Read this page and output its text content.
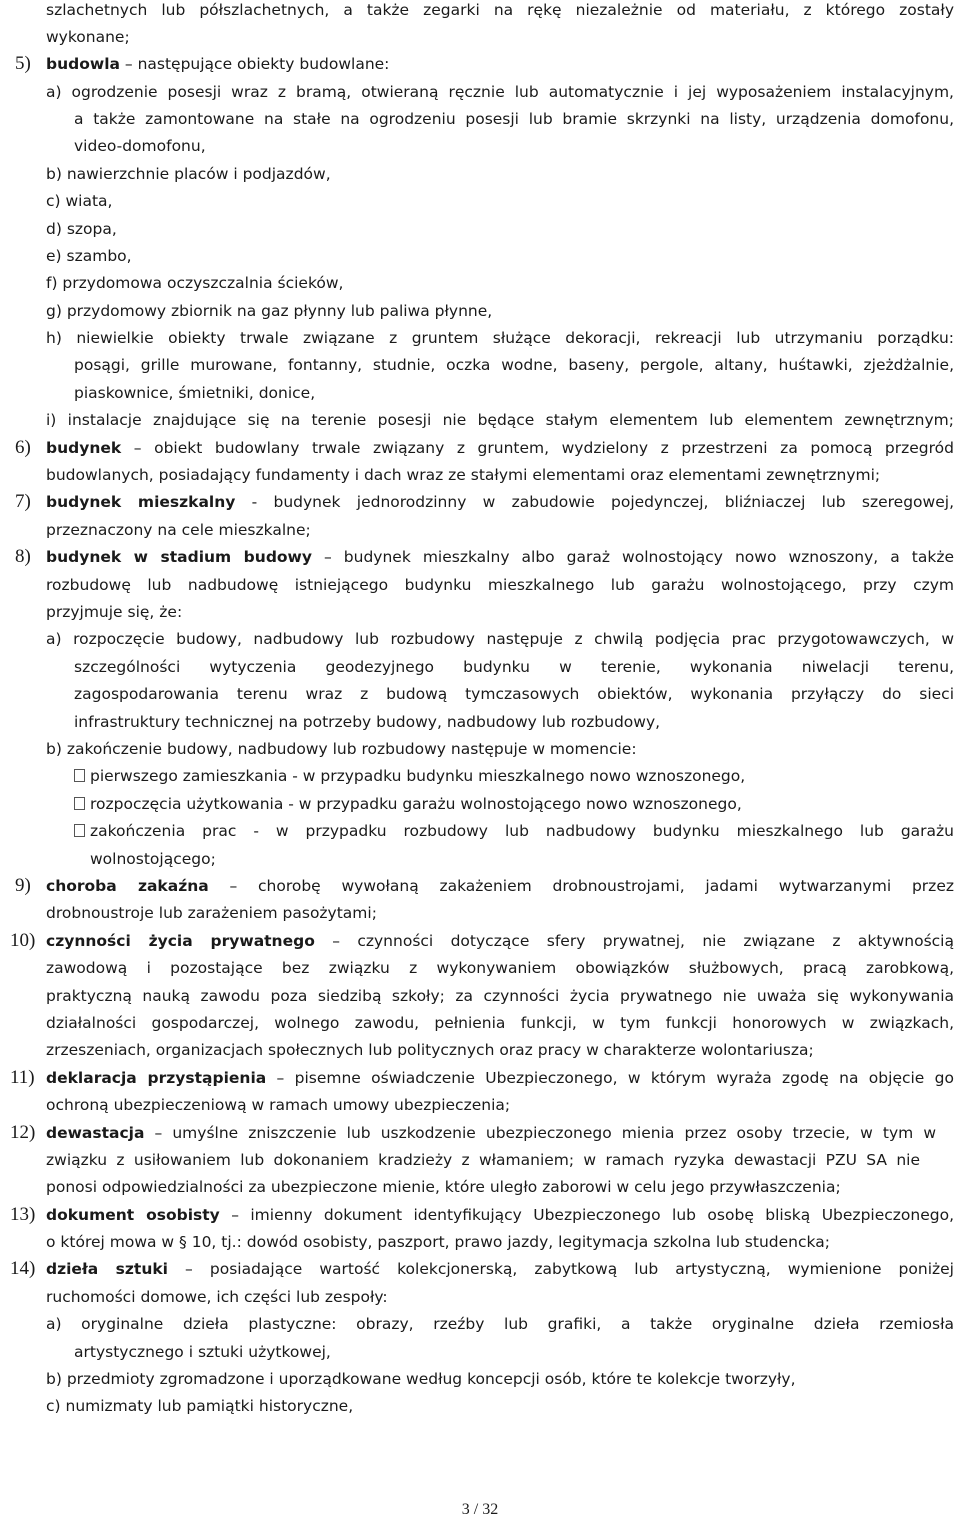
szlachetnych lub półszlachetnych, a także zegarki na rękę niezależnie od materiału, z którego zostały
wykonane;
5) budowla – następujące obiekty budowlane:
a) ogrodzenie posesji wraz z bramą, otwieraną ręcznie lub automatycznie i jej wyposażeniem instalacyjnym,
a także zamontowane na stałe na ogrodzeniu posesji lub bramie skrzynki na listy, urządzenia domofonu,
video-domofonu,
b) nawierzchnie placów i podjazdów,
c) wiata,
d) szopa,
e) szambo,
f) przydomowa oczyszczalnia ścieków,
g) przydomowy zbiornik na gaz płynny lub paliwa płynne,
h) niewielkie obiekty trwale związane z gruntem służące dekoracji, rekreacji lub utrzymaniu porządku:
posągi, grille murowane, fontanny, studnie, oczka wodne, baseny, pergole, altany, huśtawki, zjeżdżalnie,
piaskownice, śmietniki, donice,
i) instalacje znajdujące się na terenie posesji nie będące stałym elementem lub elementem zewnętrznym;
6) budynek – obiekt budowlany trwale związany z gruntem, wydzielony z przestrzeni za pomocą przegród
budowlanych, posiadający fundamenty i dach wraz ze stałymi elementami oraz elementami zewnętrznymi;
7) budynek mieszkalny - budynek jednorodzinny w zabudowie pojedynczej, bliźniaczej lub szeregowej,
przeznaczony na cele mieszkalne;
8) budynek w stadium budowy – budynek mieszkalny albo garaż wolnostojący nowo wznoszony, a także
rozbudowę lub nadbudowę istniejącego budynku mieszkalnego lub garażu wolnostojącego, przy czym
przyjmuje się, że:
a) rozpoczęcie budowy, nadbudowy lub rozbudowy następuje z chwilą podjęcia prac przygotowawczych, w
szczególności wytyczenia geodezyjnego budynku w terenie, wykonania niwelacji terenu,
zagospodarowania terenu wraz z budową tymczasowych obiektów, wykonania przyłączy do sieci
infrastruktury technicznej na potrzeby budowy, nadbudowy lub rozbudowy,
b) zakończenie budowy, nadbudowy lub rozbudowy następuje w momencie:
pierwszego zamieszkania - w przypadku budynku mieszkalnego nowo wznoszonego,
rozpoczęcia użytkowania - w przypadku garażu wolnostojącego nowo wznoszonego,
zakończenia prac - w przypadku rozbudowy lub nadbudowy budynku mieszkalnego lub garażu
wolnostojącego;
9) choroba zakaźna – chorobę wywołaną zakażeniem drobnoustrojami, jadami wytwarzanymi przez
drobnoustroje lub zarażeniem pasożytami;
10) czynności życia prywatnego – czynności dotyczące sfery prywatnej, nie związane z aktywnością
zawodową i pozostające bez związku z wykonywaniem obowiązków służbowych, pracą zarobkową,
praktyczną nauką zawodu poza siedzibą szkoły; za czynności życia prywatnego nie uważa się wykonywania
działalności gospodarczej, wolnego zawodu, pełnienia funkcji, w tym funkcji honorowych w związkach,
zrzeszeniach, organizacjach społecznych lub politycznych oraz pracy w charakterze wolontariusza;
11) deklaracja przystąpienia – pisemne oświadczenie Ubezpieczonego, w którym wyraża zgodę na objęcie go
ochroną ubezpieczeniową w ramach umowy ubezpieczenia;
12) dewastacja – umyślne zniszczenie lub uszkodzenie ubezpieczonego mienia przez osoby trzecie, w tym w
związku z usiłowaniem lub dokonaniem kradzieży z włamaniem; w ramach ryzyka dewastacji PZU SA nie
ponosi odpowiedzialności za ubezpieczone mienie, które uległo zaborowi w celu jego przywłaszczenia;
13) dokument osobisty – imienny dokument identyfikujący Ubezpieczonego lub osobę bliską Ubezpieczonego,
o której mowa w § 10, tj.: dowód osobisty, paszport, prawo jazdy, legitymacja szkolna lub studencka;
14) dzieła sztuki – posiadające wartość kolekcjonerską, zabytkową lub artystyczną, wymienione poniżej
ruchomości domowe, ich części lub zespoły:
a) oryginalne dzieła plastyczne: obrazy, rzeźby lub grafiki, a także oryginalne dzieła rzemiosła
artystycznego i sztuki użytkowej,
b) przedmioty zgromadzone i uporządkowane według koncepcji osób, które te kolekcje tworzyły,
c) numizmaty lub pamiątki historyczne,
3 / 32
